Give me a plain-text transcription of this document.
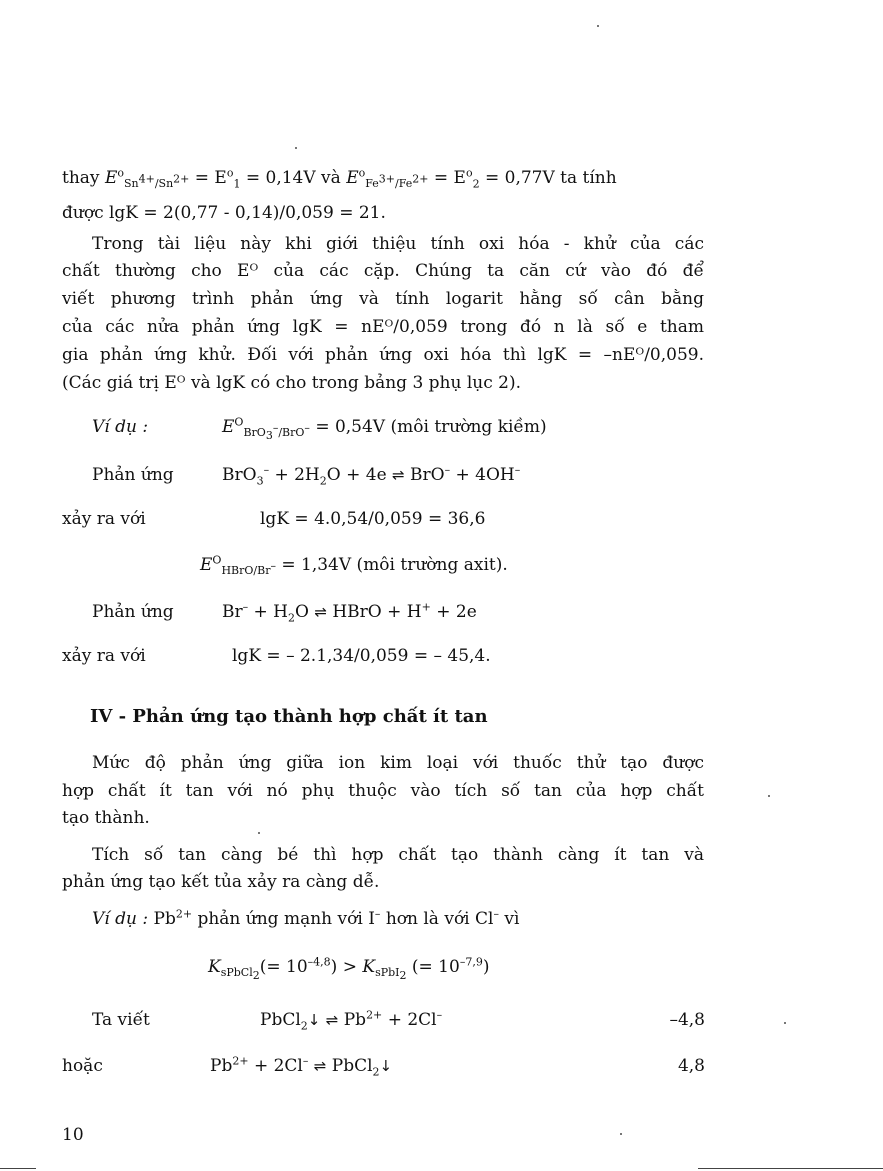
thay $E^o_{Sn^{4+}/Sn^{2+}} = E^o_1 = 0,14V$ và $E^o_{Fe^{3+}/Fe^{2+}} = E^o_2 = 0,77V$ ta tính
được lgK = 2(0,77 - 0,14)/0,059 = 21.
Trong tài liệu này khi giới thiệu tính oxi hóa - khử của các
chất thường cho Eᴼ của các cặp. Chúng ta căn cứ vào đó để
viết phương trình phản ứng và tính logarit hằng số cân bằng
của các nửa phản ứng lgK = nEᴼ/0,059 trong đó n là số e tham
gia phản ứng khử. Đối với phản ứng oxi hóa thì lgK = –nEᴼ/0,059.
(Các giá trị Eᴼ và lgK có cho trong bảng 3 phụ lục 2).
Ví dụ :	$E^O_{BrO_3^-/BrO^-} = 0,54V$ (môi trường kiềm)
Phản ứng	$BrO_3^- + 2H_2O + 4e$ ⇌ BrO– + 4OH–
xảy ra với	lgK = 4.0,54/0,059 = 36,6
$E^O_{HBrO/Br^-} = 1,34V$ (môi trường axit).
Phản ứng	$Br^- + H_2O$ ⇌ HBrO + H+ + 2e
xảy ra với	lgK = – 2.1,34/0,059 = – 45,4.
IV - Phản ứng tạo thành hợp chất ít tan
Mức độ phản ứng giữa ion kim loại với thuốc thử tạo được
hợp chất ít tan với nó phụ thuộc vào tích số tan của hợp chất
tạo thành.
Tích số tan càng bé thì hợp chất tạo thành càng ít tan và
phản ứng tạo kết tủa xảy ra càng dễ.
Ví dụ : $Pb^{2+}$ phản ứng mạnh với I– hơn là với Cl– vì
$K_{sPbCl_2}(= 10^{-4,8}) > K_{sPbI_2}$ (= $10^{-7,9}$)
Ta viết	PbCl$_2$↓ ⇌ $Pb^{2+} + 2Cl^-$	–4,8
hoặc	$Pb^{2+} + 2Cl^-$ ⇌ PbCl$_2$↓	4,8
10
